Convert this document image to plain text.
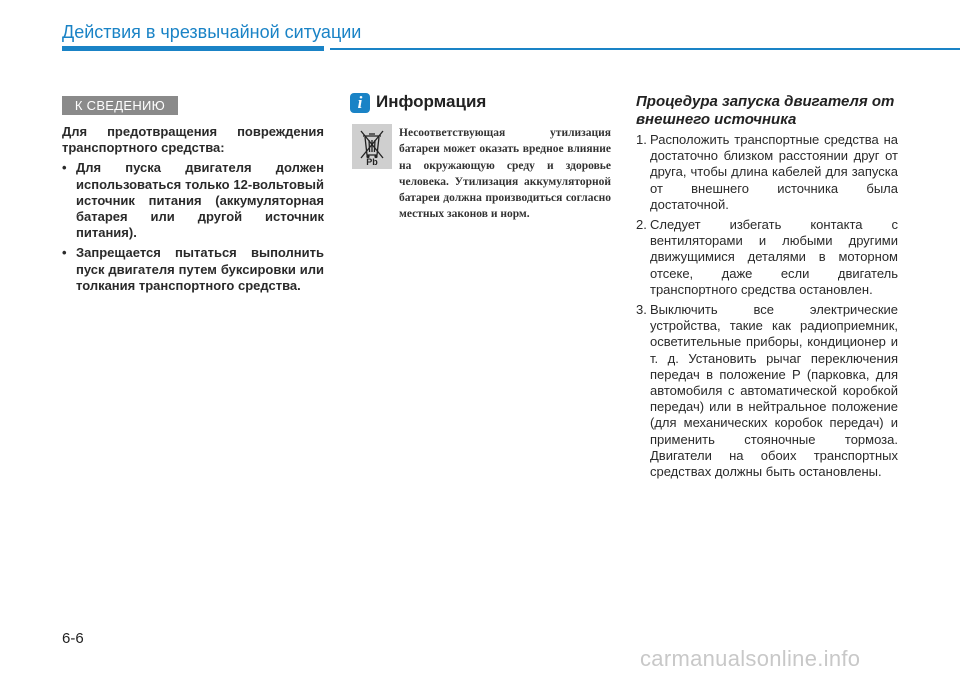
Действия в чрезвычайной ситуации
К СВЕДЕНИЮ

Для предотвращения повреждения транспортного средства:

• Для пуска двигателя должен использоваться только 12-вольтовый источник питания (аккумуляторная батарея или другой источник питания).
• Запрещается пытаться выполнить пуск двигателя путем буксировки или толкания транспортного средства.
i Информация
Pb
Несоответствующая утилизация батареи может оказать вредное влияние на окружающую среду и здоровье человека. Утилизация аккумуляторной батареи должна производиться согласно местных законов и норм.
Процедура запуска двигателя от внешнего источника
1. Расположить транспортные средства на достаточно близком расстоянии друг от друга, чтобы длина кабелей для запуска от внешнего источника была достаточной.
2. Следует избегать контакта с вентиляторами и любыми другими движущимися деталями в моторном отсеке, даже если двигатель транспортного средства остановлен.
3. Выключить все электрические устройства, такие как радиоприемник, осветительные приборы, кондиционер и т. д. Установить рычаг переключения передач в положение P (парковка, для автомобиля с автоматической коробкой передач) или в нейтральное положение (для механических коробок передач) и применить стояночные тормоза. Двигатели на обоих транспортных средствах должны быть остановлены.
6-6
carmanualsonline.info
